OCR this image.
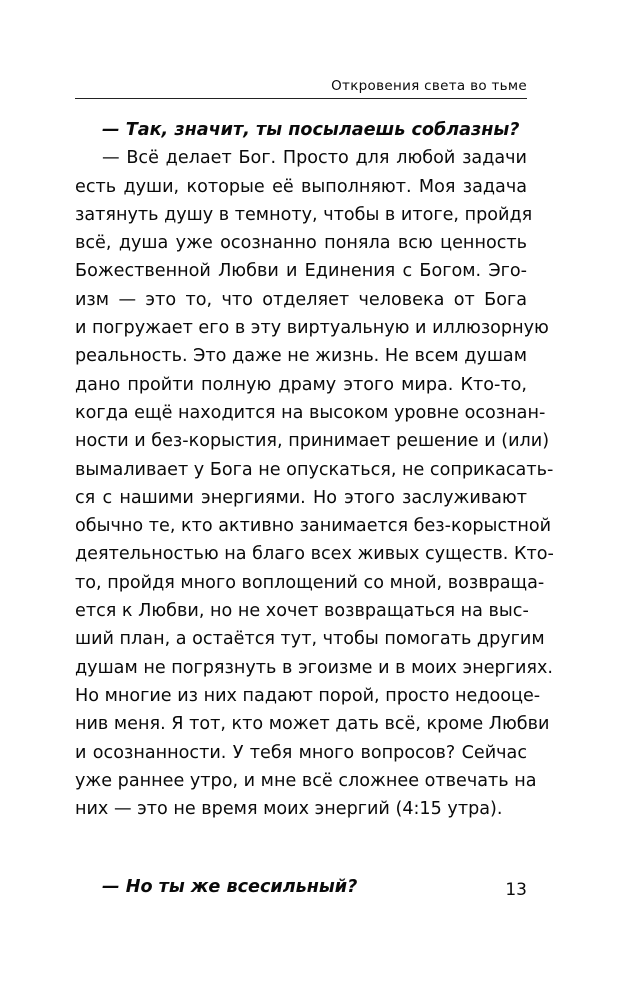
Откровения света во тьме
— Так, значит, ты посылаешь соблазны?
— Всё делает Бог. Просто для любой задачи
есть души, которые её выполняют. Моя задача
затянуть душу в темноту, чтобы в итоге, пройдя
всё, душа уже осознанно поняла всю ценность
Божественной Любви и Единения с Богом. Эго-
изм — это то, что отделяет человека от Бога
и погружает его в эту виртуальную и иллюзорную
реальность. Это даже не жизнь. Не всем душам
дано пройти полную драму этого мира. Кто-то,
когда ещё находится на высоком уровне осознан-
ности и без-корыстия, принимает решение и (или)
вымаливает у Бога не опускаться, не соприкасать-
ся с нашими энергиями. Но этого заслуживают
обычно те, кто активно занимается без-корыстной
деятельностью на благо всех живых существ. Кто-
то, пройдя много воплощений со мной, возвраща-
ется к Любви, но не хочет возвращаться на выс-
ший план, а остаётся тут, чтобы помогать другим
душам не погрязнуть в эгоизме и в моих энергиях.
Но многие из них падают порой, просто недооце-
нив меня. Я тот, кто может дать всё, кроме Любви
и осознанности. У тебя много вопросов? Сейчас
уже раннее утро, и мне всё сложнее отвечать на
них — это не время моих энергий (4:15 утра).
— Но ты же всесильный?	13
